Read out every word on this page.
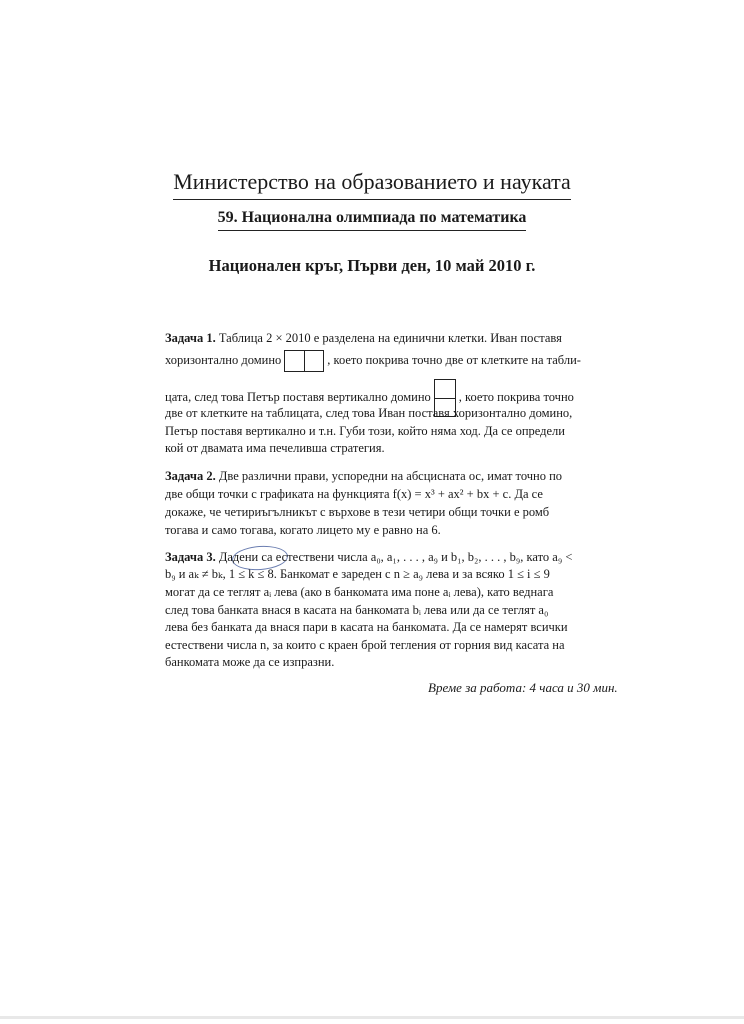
Министерство на образованието и науката
59. Национална олимпиада по математика
Национален кръг, Първи ден, 10 май 2010 г.
Задача 1. Таблица 2 × 2010 е разделена на единични клетки. Иван поставя
хоризонтално домино	, което покрива точно две от клетките на табли-
цата, след това Петър поставя вертикално домино , което покрива точно
две от клетките на таблицата, след това Иван поставя хоризонтално домино,
Петър поставя вертикално и т.н. Губи този, който няма ход. Да се определи
кой от двамата има печеливша стратегия.
Задача 2. Две различни прави, успоредни на абсцисната ос, имат точно по
две общи точки с графиката на функцията f(x) = x³ + ax² + bx + c. Да се
докаже, че четириъгълникът с върхове в тези четири общи точки е ромб
тогава и само тогава, когато лицето му е равно на 6.
Задача 3. Дадени са естествени числа a₀, a₁, . . . , a₉ и b₁, b₂, . . . , b₉, като a₉ <
b₉ и aₖ ≠ bₖ, 1 ≤ k ≤ 8. Банкомат е зареден с n ≥ a₉ лева и за всяко 1 ≤ i ≤ 9
могат да се теглят aᵢ лева (ако в банкомата има поне aᵢ лева), като веднага
след това банката внася в касата на банкомата bᵢ лева или да се теглят a₀
лева без банката да внася пари в касата на банкомата. Да се намерят всички
естествени числа n, за които с краен брой тегления от горния вид касата на
банкомата може да се изпразни.
Време за работа: 4 часа и 30 мин.
